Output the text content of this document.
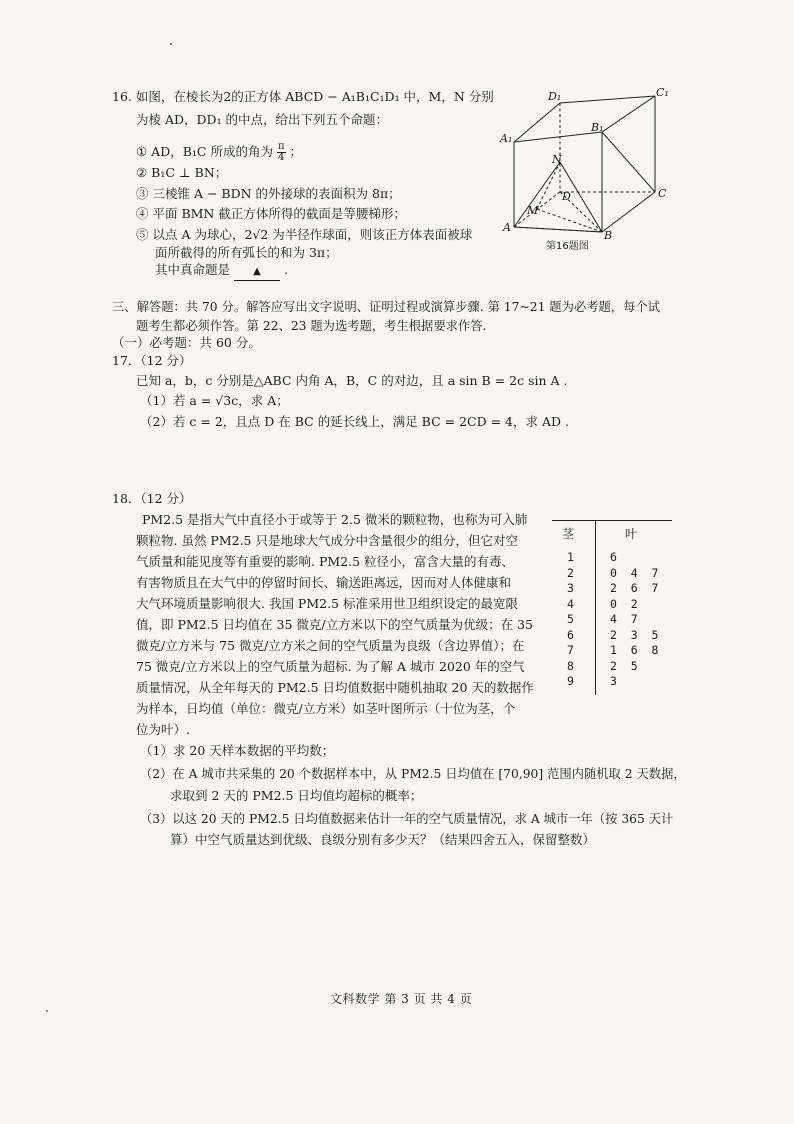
16. 如图，在棱长为2的正方体 ABCD − A₁B₁C₁D₁ 中，M，N 分别
为棱 AD，DD₁ 的中点，给出下列五个命题：
① AD，B₁C 所成的角为 $\frac{\pi}{4}$ ；
② B₁C ⊥ BN；
③ 三棱锥 A − BDN 的外接球的表面积为 8π；
④ 平面 BMN 截正方体所得的截面是等腰梯形；
⑤ 以点 A 为球心，2√2 为半径作球面，则该正方体表面被球
面所截得的所有弧长的和为 3π；
其中真命题是 ▲ .
D₁	C₁
A₁
B₁
N
D	C
M
A
B
第16题图
三、解答题：共 70 分。解答应写出文字说明、证明过程或演算步骤. 第 17~21 题为必考题，每个试
题考生都必须作答。第 22、23 题为选考题，考生根据要求作答.
（一）必考题：共 60 分。
17．（12 分）
已知 a，b，c 分别是△ABC 内角 A，B，C 的对边，且 a sin B = 2c sin A .
（1）若 a = √3c，求 A；
（2）若 c = 2，且点 D 在 BC 的延长线上，满足 BC = 2CD = 4，求 AD .
18．（12 分）
PM2.5 是指大气中直径小于或等于 2.5 微米的颗粒物，也称为可入肺
颗粒物. 虽然 PM2.5 只是地球大气成分中含量很少的组分，但它对空
气质量和能见度等有重要的影响. PM2.5 粒径小，富含大量的有毒、
有害物质且在大气中的停留时间长、输送距离远，因而对人体健康和
大气环境质量影响很大. 我国 PM2.5 标准采用世卫组织设定的最宽限
值，即 PM2.5 日均值在 35 微克/立方米以下的空气质量为优级；在 35
微克/立方米与 75 微克/立方米之间的空气质量为良级（含边界值）；在
75 微克/立方米以上的空气质量为超标. 为了解 A 城市 2020 年的空气
质量情况，从全年每天的 PM2.5 日均值数据中随机抽取 20 天的数据作
为样本，日均值（单位：微克/立方米）如茎叶图所示（十位为茎，个
位为叶）.
茎	叶
1	6
2	0  4  7
3	2  6  7
4	0  2
5	4  7
6	2  3  5
7	1  6  8
8	2  5
9	3
（1）求 20 天样本数据的平均数；
（2）在 A 城市共采集的 20 个数据样本中，从 PM2.5 日均值在 [70,90] 范围内随机取 2 天数据，
求取到 2 天的 PM2.5 日均值均超标的概率；
（3）以这 20 天的 PM2.5 日均值数据来估计一年的空气质量情况，求 A 城市一年（按 365 天计
算）中空气质量达到优级、良级分别有多少天？（结果四舍五入，保留整数）
文科数学 第 3 页 共 4 页
